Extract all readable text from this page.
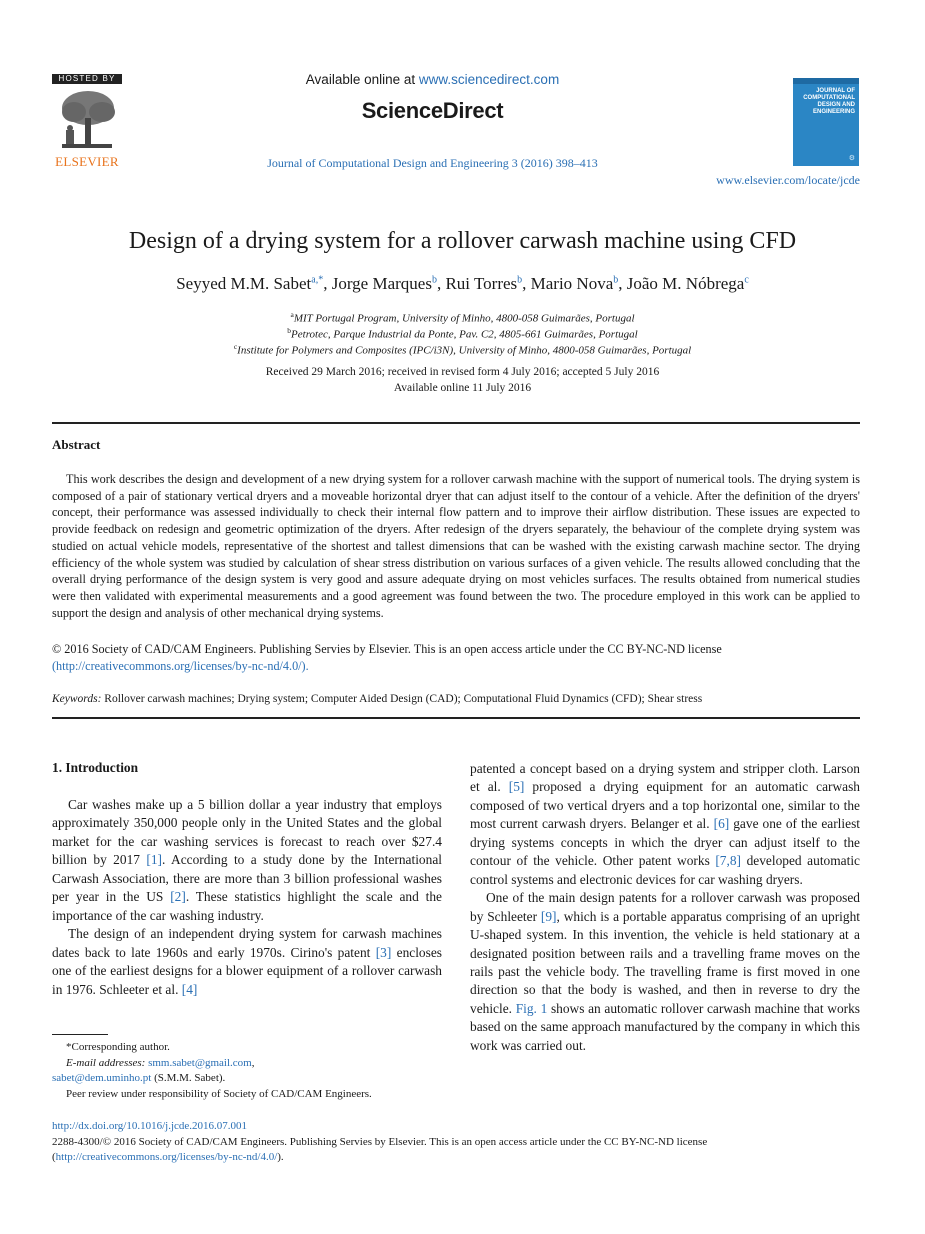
HOSTED BY
ELSEVIER
Available online at www.sciencedirect.com
ScienceDirect
Journal of Computational Design and Engineering 3 (2016) 398–413
JOURNAL OF COMPUTATIONAL DESIGN AND ENGINEERING
⚙
www.elsevier.com/locate/jcde
Design of a drying system for a rollover carwash machine using CFD
Seyyed M.M. Sabet$^{a,*}$, Jorge Marques$^b$, Rui Torres$^b$, Mario Nova$^b$, João M. Nóbrega$^c$
$^a$MIT Portugal Program, University of Minho, 4800-058 Guimarães, Portugal
$^b$Petrotec, Parque Industrial da Ponte, Pav. C2, 4805-661 Guimarães, Portugal
$^c$Institute for Polymers and Composites (IPC/i3N), University of Minho, 4800-058 Guimarães, Portugal
Received 29 March 2016; received in revised form 4 July 2016; accepted 5 July 2016
Available online 11 July 2016
Abstract
This work describes the design and development of a new drying system for a rollover carwash machine with the support of numerical tools. The drying system is composed of a pair of stationary vertical dryers and a moveable horizontal dryer that can adjust itself to the contour of a vehicle. After the definition of the dryers' concept, their performance was assessed individually to check their internal flow pattern and to improve their airflow distribution. These issues are expected to provide feedback on redesign and geometric optimization of the dryers. After redesign of the dryers separately, the behaviour of the complete drying system was studied on actual vehicle models, representative of the shortest and tallest dimensions that can be washed with the existing carwash machine sector. The drying efficiency of the whole system was studied by calculation of shear stress distribution on various surfaces of a given vehicle. The results allowed concluding that the overall drying performance of the design system is very good and assure adequate drying on most vehicles surfaces. The results obtained from numerical studies were then validated with experimental measurements and a good agreement was found between the two. The procedure employed in this work can be applied to support the design and analysis of other mechanical drying systems.
© 2016 Society of CAD/CAM Engineers. Publishing Servies by Elsevier. This is an open access article under the CC BY-NC-ND license
(http://creativecommons.org/licenses/by-nc-nd/4.0/).
Keywords: Rollover carwash machines; Drying system; Computer Aided Design (CAD); Computational Fluid Dynamics (CFD); Shear stress
1. Introduction

Car washes make up a 5 billion dollar a year industry that employs approximately 350,000 people only in the United States and the global market for the car washing services is forecast to reach over $27.4 billion by 2017 [1]. According to a study done by the International Carwash Association, there are more than 3 billion professional washes per year in the US [2]. These statistics highlight the scale and the importance of the car washing industry.

The design of an independent drying system for carwash machines dates back to late 1960s and early 1970s. Cirino's patent [3] encloses one of the earliest designs for a blower equipment of a rollover carwash in 1976. Schleeter et al. [4]

patented a concept based on a drying system and stripper cloth. Larson et al. [5] proposed a drying equipment for an automatic carwash composed of two vertical dryers and a top horizontal one, similar to the most current carwash dryers. Belanger et al. [6] gave one of the earliest drying systems concepts in which the dryer can adjust itself to the contour of the vehicle. Other patent works [7,8] developed automatic control systems and electronic devices for car washing dryers.

One of the main design patents for a rollover carwash was proposed by Schleeter [9], which is a portable apparatus comprising of an upright U-shaped system. In this invention, the vehicle is held stationary at a designated position between rails and a travelling frame moves on the rails past the vehicle body. The travelling frame is first moved in one direction so that the body is washed, and then in reverse to dry the vehicle. Fig. 1 shows an automatic rollover carwash machine that works based on the same approach manufactured by the company in which this work was carried out.

*Corresponding author.
E-mail addresses: smm.sabet@gmail.com,
sabet@dem.uminho.pt (S.M.M. Sabet).
Peer review under responsibility of Society of CAD/CAM Engineers.
http://dx.doi.org/10.1016/j.jcde.2016.07.001
2288-4300/© 2016 Society of CAD/CAM Engineers. Publishing Servies by Elsevier. This is an open access article under the CC BY-NC-ND license
(http://creativecommons.org/licenses/by-nc-nd/4.0/).
